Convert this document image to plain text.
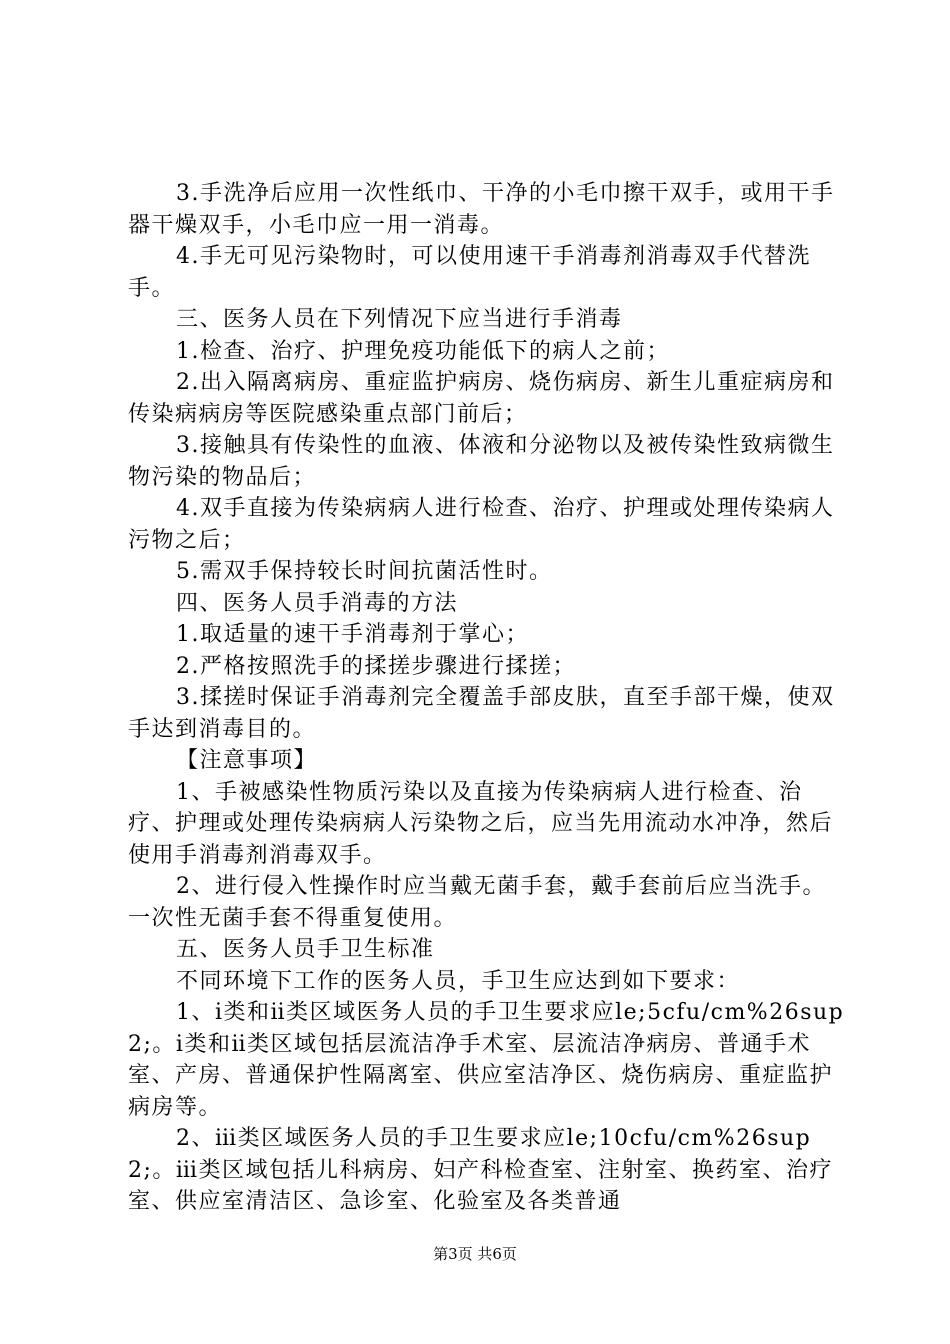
3.手洗净后应用一次性纸巾、干净的小毛巾擦干双手，或用干手器干燥双手，小毛巾应一用一消毒。

4.手无可见污染物时，可以使用速干手消毒剂消毒双手代替洗手。

三、医务人员在下列情况下应当进行手消毒

1.检查、治疗、护理免疫功能低下的病人之前；

2.出入隔离病房、重症监护病房、烧伤病房、新生儿重症病房和传染病病房等医院感染重点部门前后；

3.接触具有传染性的血液、体液和分泌物以及被传染性致病微生物污染的物品后；

4.双手直接为传染病病人进行检查、治疗、护理或处理传染病人污物之后；

5.需双手保持较长时间抗菌活性时。

四、医务人员手消毒的方法

1.取适量的速干手消毒剂于掌心；

2.严格按照洗手的揉搓步骤进行揉搓；

3.揉搓时保证手消毒剂完全覆盖手部皮肤，直至手部干燥，使双手达到消毒目的。

【注意事项】

1、手被感染性物质污染以及直接为传染病病人进行检查、治疗、护理或处理传染病病人污染物之后，应当先用流动水冲净，然后使用手消毒剂消毒双手。

2、进行侵入性操作时应当戴无菌手套，戴手套前后应当洗手。一次性无菌手套不得重复使用。

五、医务人员手卫生标准

不同环境下工作的医务人员，手卫生应达到如下要求：

1、ⅰ类和ⅱ类区域医务人员的手卫生要求应le;5cfu/cm%26sup2;。ⅰ类和ⅱ类区域包括层流洁净手术室、层流洁净病房、普通手术室、产房、普通保护性隔离室、供应室洁净区、烧伤病房、重症监护病房等。

2、ⅲ类区域医务人员的手卫生要求应le;10cfu/cm%26sup2;。ⅲ类区域包括儿科病房、妇产科检查室、注射室、换药室、治疗室、供应室清洁区、急诊室、化验室及各类普通

第3页 共6页
